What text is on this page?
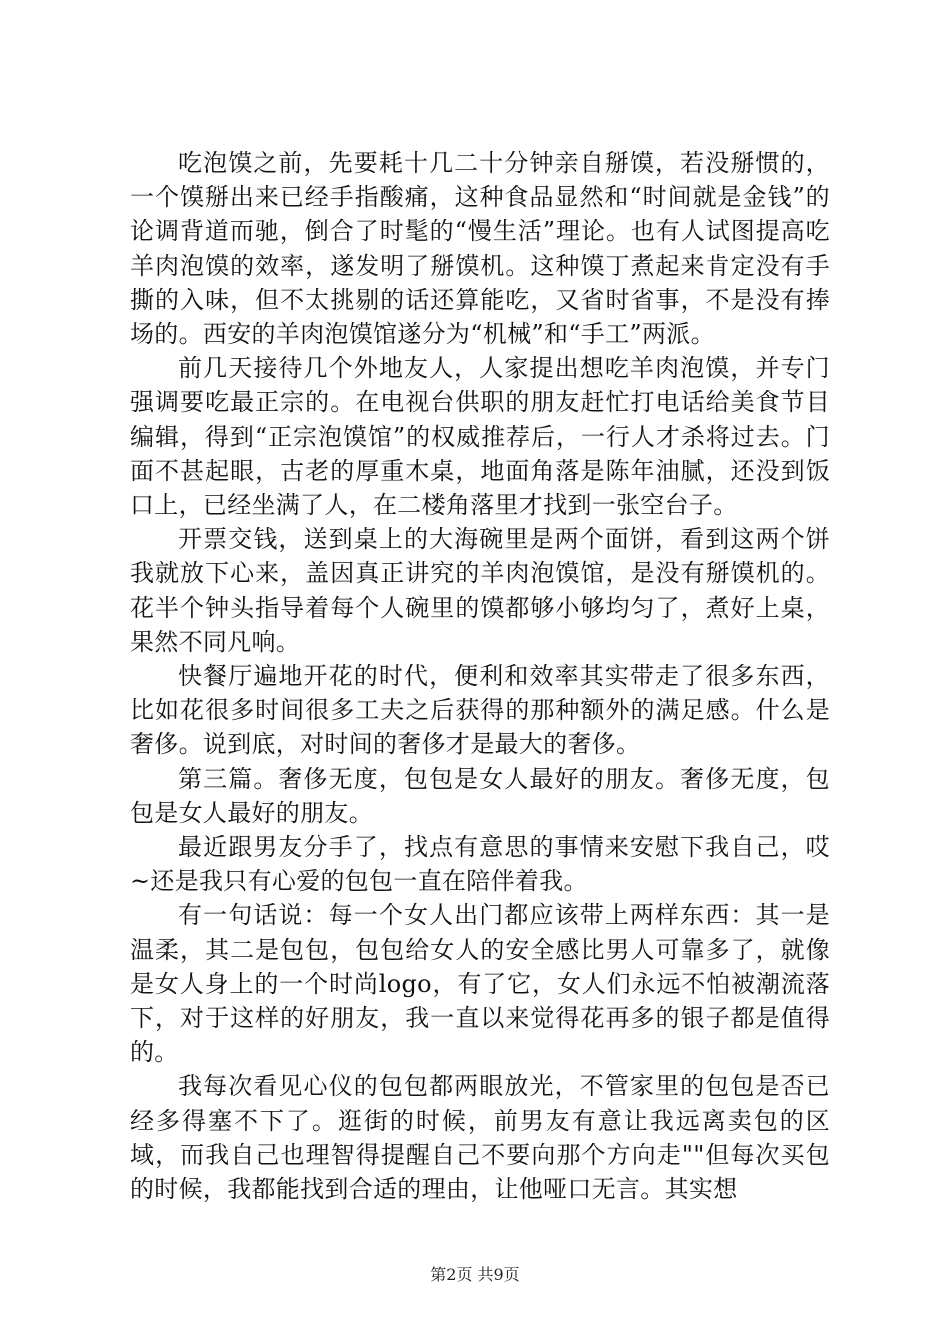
吃泡馍之前，先要耗十几二十分钟亲自掰馍，若没掰惯的，一个馍掰出来已经手指酸痛，这种食品显然和“时间就是金钱”的论调背道而驰，倒合了时髦的“慢生活”理论。也有人试图提高吃羊肉泡馍的效率，遂发明了掰馍机。这种馍丁煮起来肯定没有手撕的入味，但不太挑剔的话还算能吃，又省时省事，不是没有捧场的。西安的羊肉泡馍馆遂分为“机械”和“手工”两派。

前几天接待几个外地友人，人家提出想吃羊肉泡馍，并专门强调要吃最正宗的。在电视台供职的朋友赶忙打电话给美食节目编辑，得到“正宗泡馍馆”的权威推荐后，一行人才杀将过去。门面不甚起眼，古老的厚重木桌，地面角落是陈年油腻，还没到饭口上，已经坐满了人，在二楼角落里才找到一张空台子。

开票交钱，送到桌上的大海碗里是两个面饼，看到这两个饼我就放下心来，盖因真正讲究的羊肉泡馍馆，是没有掰馍机的。花半个钟头指导着每个人碗里的馍都够小够均匀了，煮好上桌，果然不同凡响。

快餐厅遍地开花的时代，便利和效率其实带走了很多东西，比如花很多时间很多工夫之后获得的那种额外的满足感。什么是奢侈。说到底，对时间的奢侈才是最大的奢侈。

第三篇。奢侈无度，包包是女人最好的朋友。奢侈无度，包包是女人最好的朋友。

最近跟男友分手了，找点有意思的事情来安慰下我自己，哎~还是我只有心爱的包包一直在陪伴着我。

有一句话说：每一个女人出门都应该带上两样东西：其一是温柔，其二是包包，包包给女人的安全感比男人可靠多了，就像是女人身上的一个时尚logo，有了它，女人们永远不怕被潮流落下，对于这样的好朋友，我一直以来觉得花再多的银子都是值得的。

我每次看见心仪的包包都两眼放光，不管家里的包包是否已经多得塞不下了。逛街的时候，前男友有意让我远离卖包的区域，而我自己也理智得提醒自己不要向那个方向走""但每次买包的时候，我都能找到合适的理由，让他哑口无言。其实想

第2页 共9页
